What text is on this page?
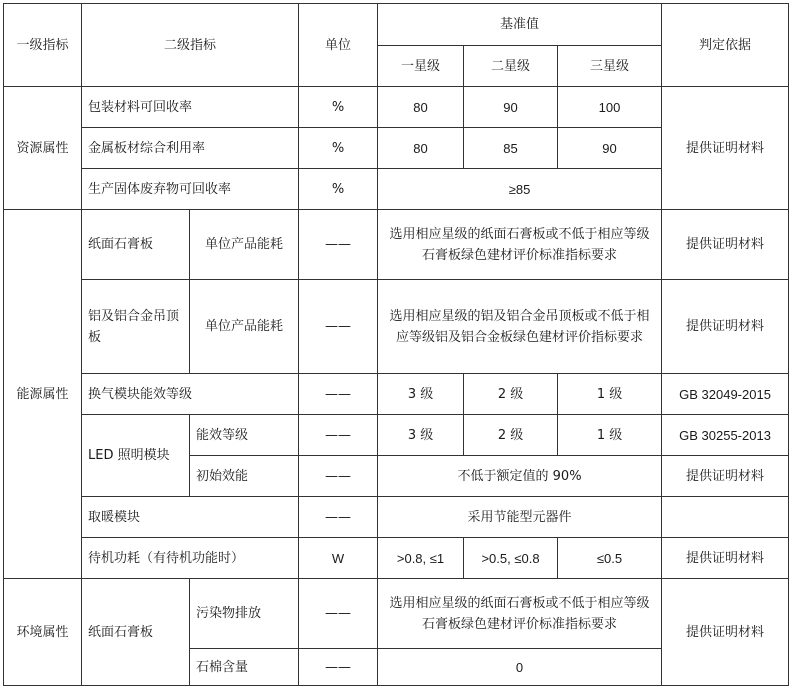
一级指标	二级指标		单位	基准值			判定依据
				一星级	二星级	三星级	
资源属性	包装材料可回收率		%	80	90	100	提供证明材料
	金属板材综合利用率		%	80	85	90	
	生产固体废弃物可回收率		%	≥85			
能源属性	纸面石膏板	单位产品能耗	——	选用相应星级的纸面石膏板或不低于相应等级石膏板绿色建材评价标准指标要求			提供证明材料
	铝及铝合金吊顶板	单位产品能耗	——	选用相应星级的铝及铝合金吊顶板或不低于相应等级铝及铝合金板绿色建材评价指标要求			提供证明材料
	换气模块能效等级		——	3 级	2 级	1 级	GB 32049-2015
	LED 照明模块	能效等级	——	3 级	2 级	1 级	GB 30255-2013
		初始效能	——	不低于额定值的 90%			提供证明材料
	取暖模块		——	采用节能型元器件			
	待机功耗（有待机功能时）		W	>0.8, ≤1	>0.5, ≤0.8	≤0.5	提供证明材料
环境属性	纸面石膏板	污染物排放	——	选用相应星级的纸面石膏板或不低于相应等级石膏板绿色建材评价标准指标要求			提供证明材料
		石棉含量	——	0			
